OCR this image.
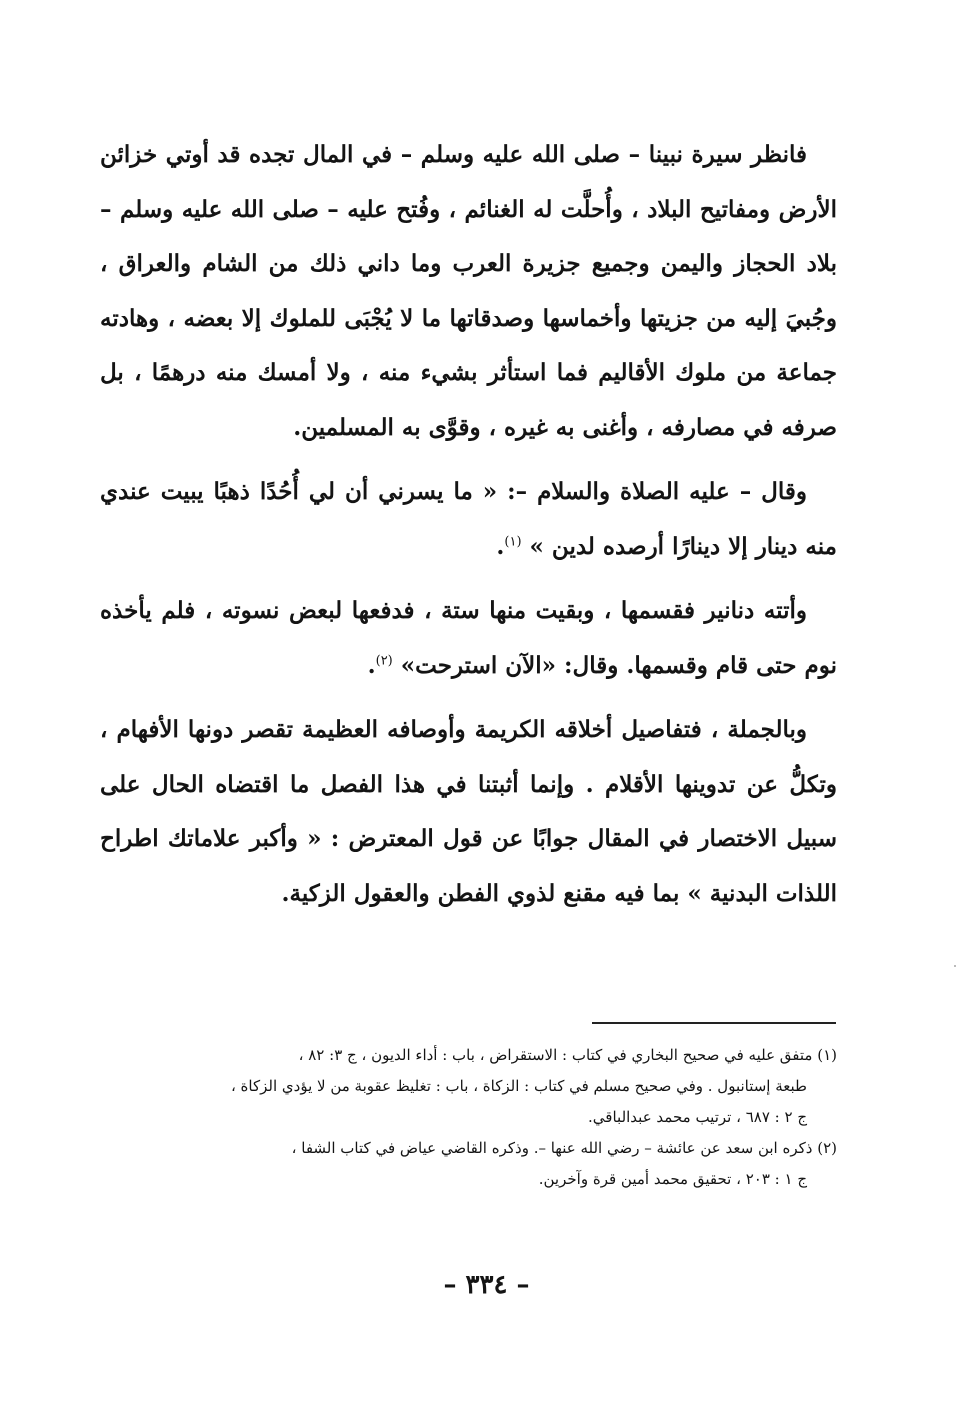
فانظر سيرة نبينا – صلى الله عليه وسلم – في المال تجده قد أوتي خزائن الأرض ومفاتيح البلاد ، وأُحلَّت له الغنائم ، وفُتح عليه – صلى الله عليه وسلم – بلاد الحجاز واليمن وجميع جزيرة العرب وما داني ذلك من الشام والعراق ، وجُبيَ إليه من جزيتها وأخماسها وصدقاتها ما لا يُجْبَى للملوك إلا بعضه ، وهادته جماعة من ملوك الأقاليم فما استأثر بشيء منه ، ولا أمسك منه درهمًا ، بل صرفه في مصارفه ، وأغنى به غيره ، وقوَّى به المسلمين.

وقال – عليه الصلاة والسلام –: « ما يسرني أن لي أُحُدًا ذهبًا يبيت عندي منه دينار إلا دينارًا أرصده لدين » $^{(١)}$.

وأتته دنانير فقسمها ، وبقيت منها ستة ، فدفعها لبعض نسوته ، فلم يأخذه نوم حتى قام وقسمها. وقال: «الآن استرحت» $^{(٢)}$.

وبالجملة ، فتفاصيل أخلاقه الكريمة وأوصافه العظيمة تقصر دونها الأفهام ، وتكلُّ عن تدوينها الأقلام . وإنما أثبتنا في هذا الفصل ما اقتضاه الحال على سبيل الاختصار في المقال جوابًا عن قول المعترض : « وأكبر علاماتك اطراح اللذات البدنية » بما فيه مقنع لذوي الفطن والعقول الزكية.

(١) متفق عليه في صحيح البخاري في كتاب : الاستقراض ، باب : أداء الديون ، ج ٣: ٨٢ ،
طبعة إستانبول . وفي صحيح مسلم في كتاب : الزكاة ، باب : تغليظ عقوبة من لا يؤدي الزكاة ،
ج ٢ : ٦٨٧ ، ترتيب محمد عبدالباقي.

(٢) ذكره ابن سعد عن عائشة – رضي الله عنها –. وذكره القاضي عياض في كتاب الشفا ،
ج ١ : ٢٠٣ ، تحقيق محمد أمين قرة وآخرين.

– ٣٣٤ –
